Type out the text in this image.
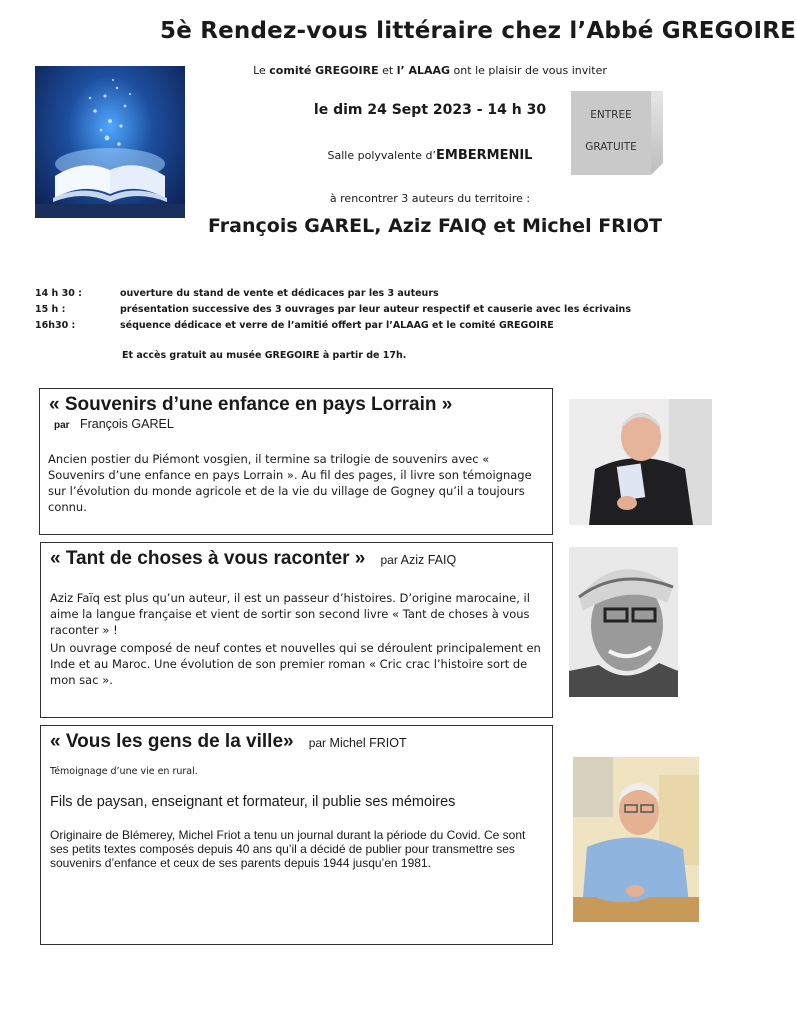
5è Rendez-vous littéraire chez l’Abbé GREGOIRE
Le comité GREGOIRE et l’ ALAAG ont le plaisir de vous inviter
le dim 24 Sept 2023 - 14 h 30
Salle polyvalente d’EMBERMENIL
ENTREE
GRATUITE
à rencontrer 3 auteurs du territoire :
François GAREL, Aziz FAIQ et Michel FRIOT
14 h 30 :	ouverture du stand de vente et dédicaces par les 3 auteurs
15 h :	présentation successive des 3 ouvrages par leur auteur respectif et causerie avec les écrivains
16h30 :	séquence dédicace et verre de l’amitié offert par l’ALAAG et le comité GREGOIRE
Et accès gratuit au musée GREGOIRE à partir de 17h.
« Souvenirs d’une enfance en pays Lorrain »
par François GAREL
Ancien postier du Piémont vosgien, il termine sa trilogie de souvenirs avec « Souvenirs d’une enfance en pays Lorrain ». Au fil des pages, il livre son témoignage sur l’évolution du monde agricole et de la vie du village de Gogney qu’il a toujours connu.
« Tant de choses à vous raconter » par Aziz FAIQ
Aziz Faïq est plus qu’un auteur, il est un passeur d’histoires. D’origine marocaine, il aime la langue française et vient de sortir son second livre « Tant de choses à vous raconter » !
Un ouvrage composé de neuf contes et nouvelles qui se déroulent principalement en Inde et au Maroc. Une évolution de son premier roman « Cric crac l’histoire sort de mon sac ».
« Vous les gens de la ville» par Michel FRIOT
Témoignage d’une vie en rural.
Fils de paysan, enseignant et formateur, il publie ses mémoires
Originaire de Blémerey, Michel Friot a tenu un journal durant la période du Covid. Ce sont ses petits textes composés depuis 40 ans qu’il a décidé de publier pour transmettre ses souvenirs d’enfance et ceux de ses parents depuis 1944 jusqu’en 1981.
